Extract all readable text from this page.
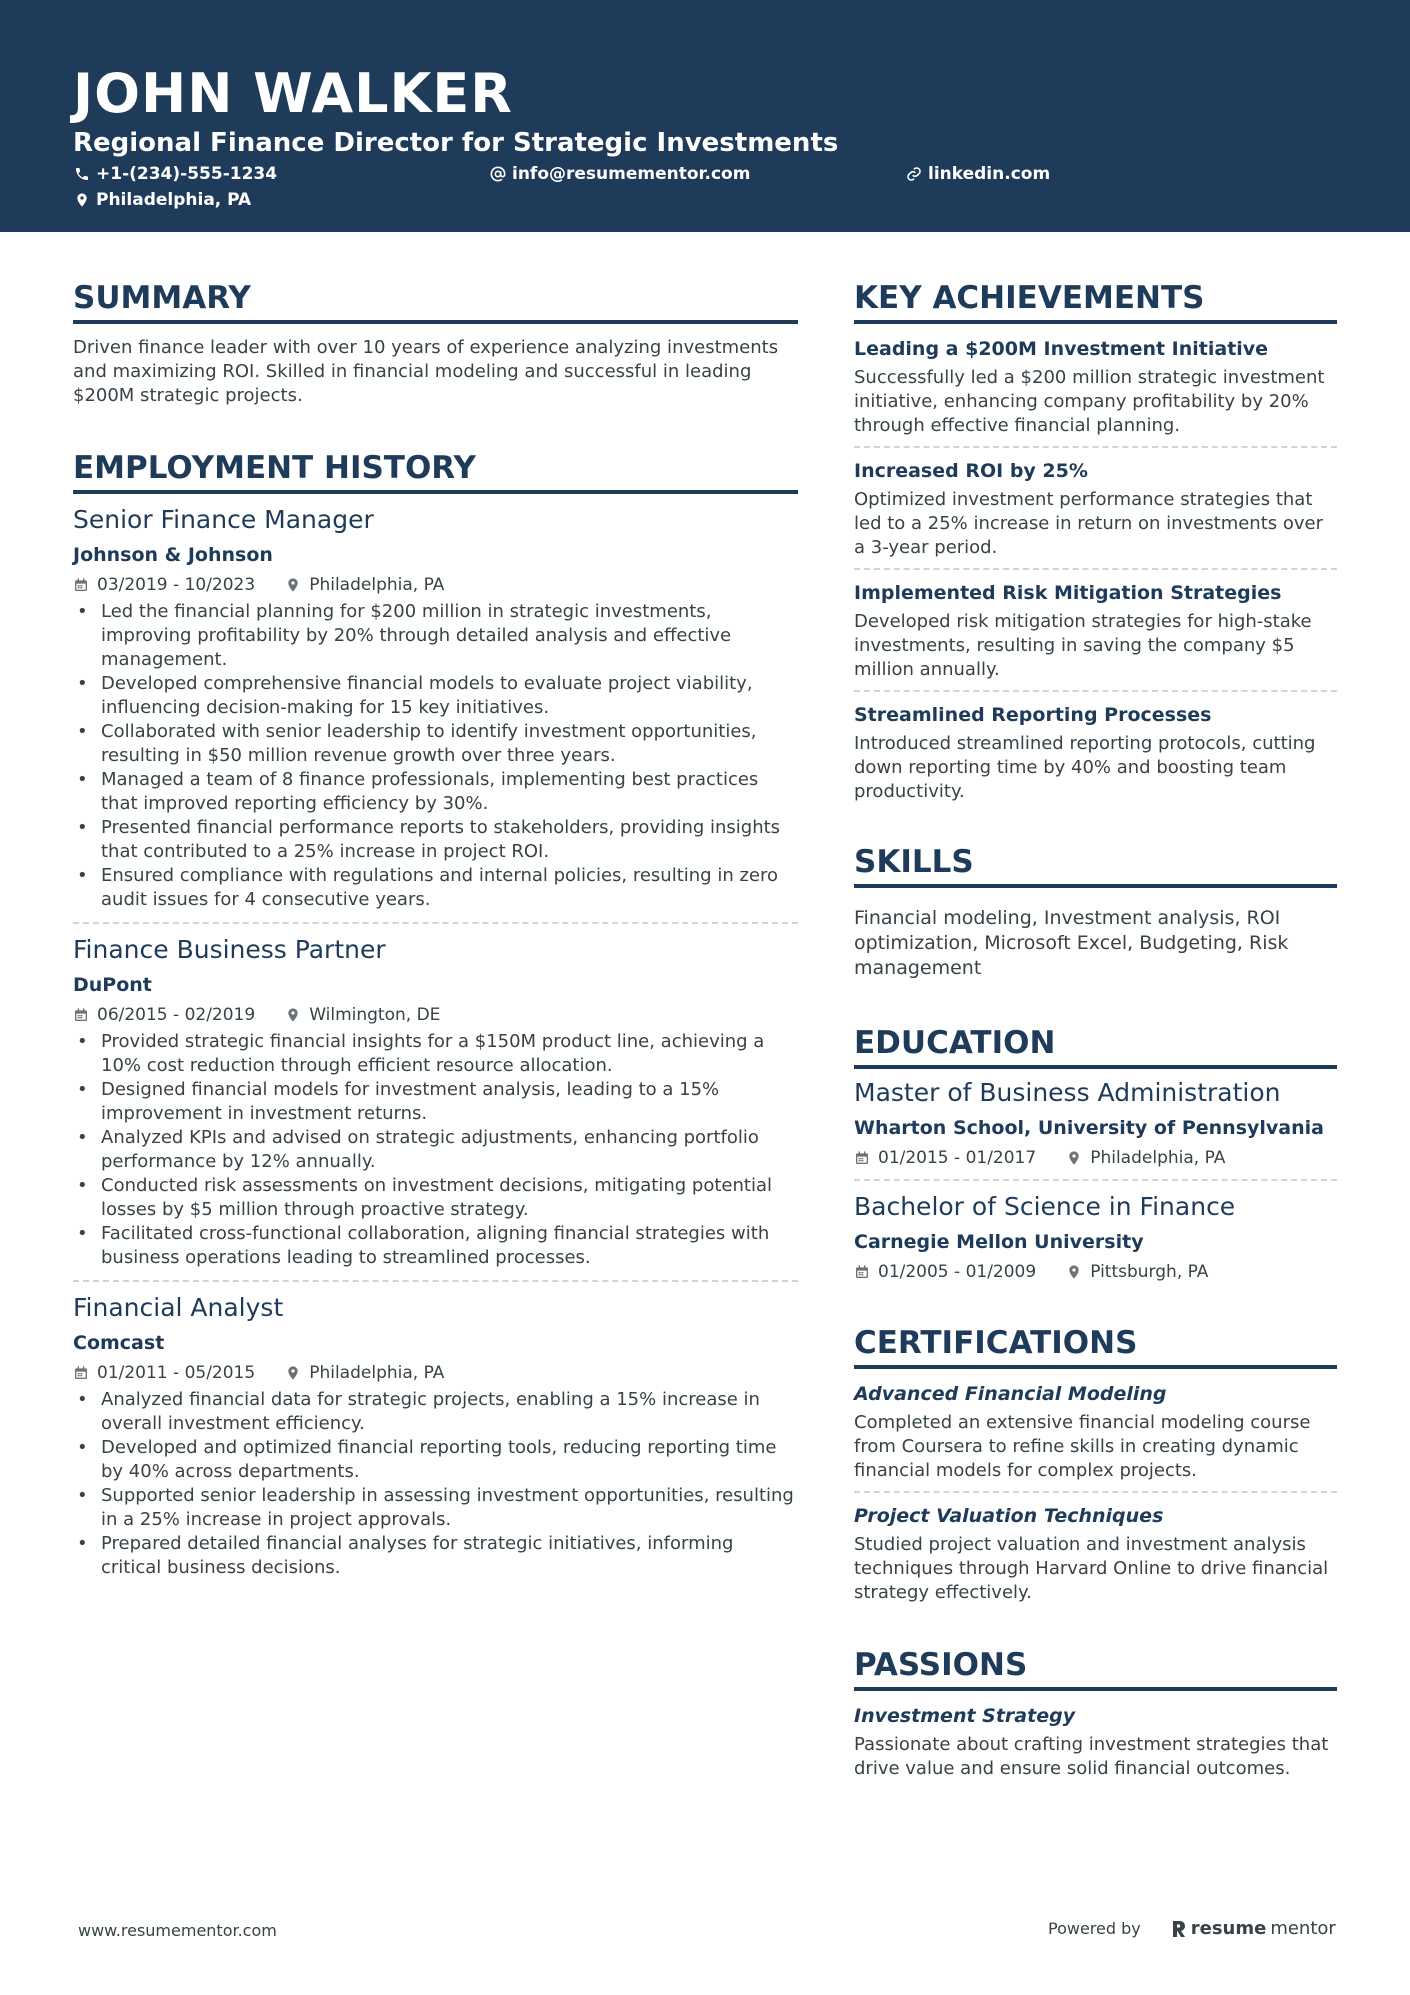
JOHN WALKER
Regional Finance Director for Strategic Investments
+1-(234)-555-1234	info@resumementor.com	linkedin.com
Philadelphia, PA
SUMMARY
Driven finance leader with over 10 years of experience analyzing investments and maximizing ROI. Skilled in financial modeling and successful in leading $200M strategic projects.
EMPLOYMENT HISTORY
Senior Finance Manager
Johnson & Johnson
03/2019 - 10/2023	Philadelphia, PA
• Led the financial planning for $200 million in strategic investments, improving profitability by 20% through detailed analysis and effective management.
• Developed comprehensive financial models to evaluate project viability, influencing decision-making for 15 key initiatives.
• Collaborated with senior leadership to identify investment opportunities, resulting in $50 million revenue growth over three years.
• Managed a team of 8 finance professionals, implementing best practices that improved reporting efficiency by 30%.
• Presented financial performance reports to stakeholders, providing insights that contributed to a 25% increase in project ROI.
• Ensured compliance with regulations and internal policies, resulting in zero audit issues for 4 consecutive years.
Finance Business Partner
DuPont
06/2015 - 02/2019	Wilmington, DE
• Provided strategic financial insights for a $150M product line, achieving a 10% cost reduction through efficient resource allocation.
• Designed financial models for investment analysis, leading to a 15% improvement in investment returns.
• Analyzed KPIs and advised on strategic adjustments, enhancing portfolio performance by 12% annually.
• Conducted risk assessments on investment decisions, mitigating potential losses by $5 million through proactive strategy.
• Facilitated cross-functional collaboration, aligning financial strategies with business operations leading to streamlined processes.
Financial Analyst
Comcast
01/2011 - 05/2015	Philadelphia, PA
• Analyzed financial data for strategic projects, enabling a 15% increase in overall investment efficiency.
• Developed and optimized financial reporting tools, reducing reporting time by 40% across departments.
• Supported senior leadership in assessing investment opportunities, resulting in a 25% increase in project approvals.
• Prepared detailed financial analyses for strategic initiatives, informing critical business decisions.
KEY ACHIEVEMENTS
Leading a $200M Investment Initiative
Successfully led a $200 million strategic investment initiative, enhancing company profitability by 20% through effective financial planning.
Increased ROI by 25%
Optimized investment performance strategies that led to a 25% increase in return on investments over a 3-year period.
Implemented Risk Mitigation Strategies
Developed risk mitigation strategies for high-stake investments, resulting in saving the company $5 million annually.
Streamlined Reporting Processes
Introduced streamlined reporting protocols, cutting down reporting time by 40% and boosting team productivity.
SKILLS
Financial modeling, Investment analysis, ROI optimization, Microsoft Excel, Budgeting, Risk management
EDUCATION
Master of Business Administration
Wharton School, University of Pennsylvania
01/2015 - 01/2017	Philadelphia, PA
Bachelor of Science in Finance
Carnegie Mellon University
01/2005 - 01/2009	Pittsburgh, PA
CERTIFICATIONS
Advanced Financial Modeling
Completed an extensive financial modeling course from Coursera to refine skills in creating dynamic financial models for complex projects.
Project Valuation Techniques
Studied project valuation and investment analysis techniques through Harvard Online to drive financial strategy effectively.
PASSIONS
Investment Strategy
Passionate about crafting investment strategies that drive value and ensure solid financial outcomes.
www.resumementor.com	Powered by	resume mentor
